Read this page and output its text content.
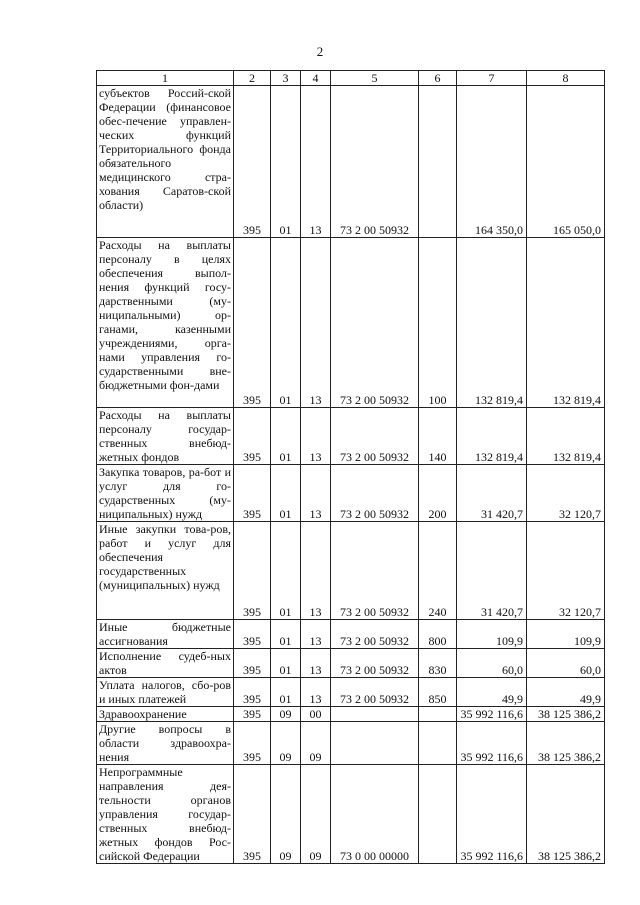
2
1	2	3	4	5	6	7	8
субъектов Россий-ской Федерации (финансовое обес-печение управлен-ческих функций Территориального фонда обязательного медицинского стра-хования Саратов-ской области)	395	01	13	73 2 00 50932		164 350,0	165 050,0
Расходы на выплаты персоналу в целях обеспечения выпол-нения функций госу-дарственными (му-ниципальными) ор-ганами, казенными учреждениями, орга-нами управления го-сударственными вне-бюджетными фон-дами	395	01	13	73 2 00 50932	100	132 819,4	132 819,4
Расходы на выплаты персоналу государ-ственных внебюд-жетных фондов	395	01	13	73 2 00 50932	140	132 819,4	132 819,4
Закупка товаров, ра-бот и услуг для го-сударственных (му-ниципальных) нужд	395	01	13	73 2 00 50932	200	31 420,7	32 120,7
Иные закупки това-ров, работ и услуг для обеспечения государственных (муниципальных) нужд	395	01	13	73 2 00 50932	240	31 420,7	32 120,7
Иные бюджетные ассигнования	395	01	13	73 2 00 50932	800	109,9	109,9
Исполнение судеб-ных актов	395	01	13	73 2 00 50932	830	60,0	60,0
Уплата налогов, сбо-ров и иных платежей	395	01	13	73 2 00 50932	850	49,9	49,9
Здравоохранение	395	09	00			35 992 116,6	38 125 386,2
Другие вопросы в области здравоохра-нения	395	09	09			35 992 116,6	38 125 386,2
Непрограммные направления дея-тельности органов управления государ-ственных внебюд-жетных фондов Рос-сийской Федерации	395	09	09	73 0 00 00000		35 992 116,6	38 125 386,2
